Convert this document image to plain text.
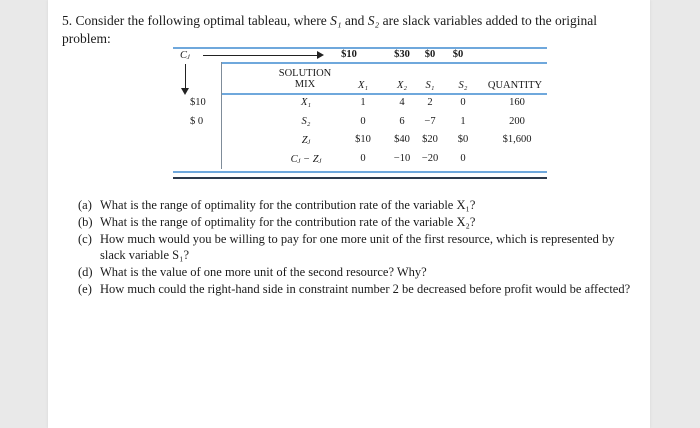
5. Consider the following optimal tableau, where S₁ and S₂ are slack variables added to the original problem:
Cⱼ	$10	$30 $0 $0
SOLUTION
MIX	X₁	X₂ S₁ S₂ QUANTITY
$10	X₁	1	4 2	0	160
$ 0	S₂	0	6 −7 1	200
Zⱼ	$10 $40 $20 $0	$1,600
Cⱼ − Zⱼ	0	−10 −20 0
(a) What is the range of optimality for the contribution rate of the variable X₁?
(b) What is the range of optimality for the contribution rate of the variable X₂?
(c) How much would you be willing to pay for one more unit of the first resource, which is represented by slack variable S₁?
(d) What is the value of one more unit of the second resource? Why?
(e) How much could the right-hand side in constraint number 2 be decreased before profit would be affected?
